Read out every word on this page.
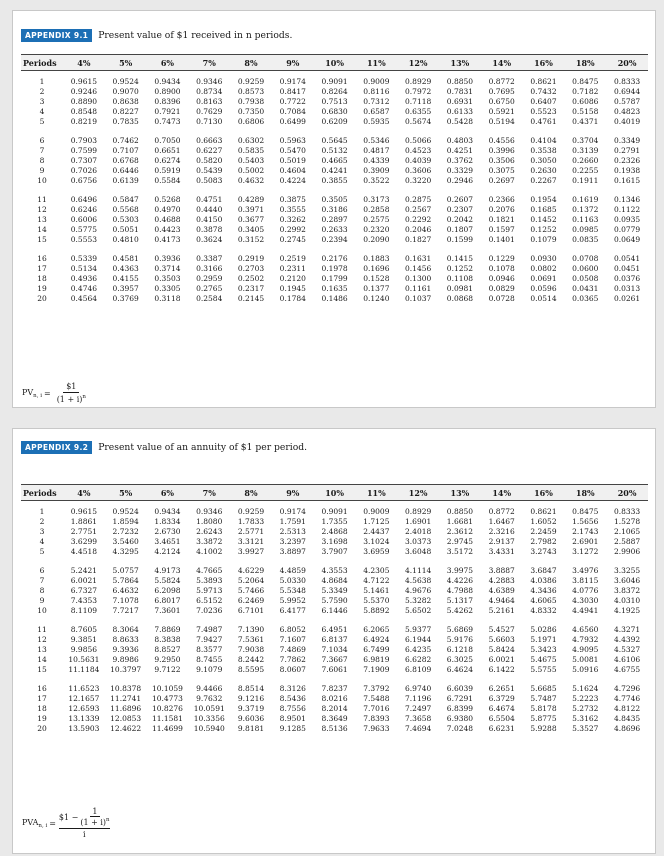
APPENDIX 9.1	Present value of $1 received in n periods.
Periods	4%	5%	6%	7%	8%	9%	10%	11%	12%	13%	14%	16%	18%	20%

1	0.9615	0.9524	0.9434	0.9346	0.9259	0.9174	0.9091	0.9009	0.8929	0.8850	0.8772	0.8621	0.8475	0.8333
2	0.9246	0.9070	0.8900	0.8734	0.8573	0.8417	0.8264	0.8116	0.7972	0.7831	0.7695	0.7432	0.7182	0.6944
3	0.8890	0.8638	0.8396	0.8163	0.7938	0.7722	0.7513	0.7312	0.7118	0.6931	0.6750	0.6407	0.6086	0.5787
4	0.8548	0.8227	0.7921	0.7629	0.7350	0.7084	0.6830	0.6587	0.6355	0.6133	0.5921	0.5523	0.5158	0.4823
5	0.8219	0.7835	0.7473	0.7130	0.6806	0.6499	0.6209	0.5935	0.5674	0.5428	0.5194	0.4761	0.4371	0.4019

6	0.7903	0.7462	0.7050	0.6663	0.6302	0.5963	0.5645	0.5346	0.5066	0.4803	0.4556	0.4104	0.3704	0.3349
7	0.7599	0.7107	0.6651	0.6227	0.5835	0.5470	0.5132	0.4817	0.4523	0.4251	0.3996	0.3538	0.3139	0.2791
8	0.7307	0.6768	0.6274	0.5820	0.5403	0.5019	0.4665	0.4339	0.4039	0.3762	0.3506	0.3050	0.2660	0.2326
9	0.7026	0.6446	0.5919	0.5439	0.5002	0.4604	0.4241	0.3909	0.3606	0.3329	0.3075	0.2630	0.2255	0.1938
10	0.6756	0.6139	0.5584	0.5083	0.4632	0.4224	0.3855	0.3522	0.3220	0.2946	0.2697	0.2267	0.1911	0.1615

11	0.6496	0.5847	0.5268	0.4751	0.4289	0.3875	0.3505	0.3173	0.2875	0.2607	0.2366	0.1954	0.1619	0.1346
12	0.6246	0.5568	0.4970	0.4440	0.3971	0.3555	0.3186	0.2858	0.2567	0.2307	0.2076	0.1685	0.1372	0.1122
13	0.6006	0.5303	0.4688	0.4150	0.3677	0.3262	0.2897	0.2575	0.2292	0.2042	0.1821	0.1452	0.1163	0.0935
14	0.5775	0.5051	0.4423	0.3878	0.3405	0.2992	0.2633	0.2320	0.2046	0.1807	0.1597	0.1252	0.0985	0.0779
15	0.5553	0.4810	0.4173	0.3624	0.3152	0.2745	0.2394	0.2090	0.1827	0.1599	0.1401	0.1079	0.0835	0.0649

16	0.5339	0.4581	0.3936	0.3387	0.2919	0.2519	0.2176	0.1883	0.1631	0.1415	0.1229	0.0930	0.0708	0.0541
17	0.5134	0.4363	0.3714	0.3166	0.2703	0.2311	0.1978	0.1696	0.1456	0.1252	0.1078	0.0802	0.0600	0.0451
18	0.4936	0.4155	0.3503	0.2959	0.2502	0.2120	0.1799	0.1528	0.1300	0.1108	0.0946	0.0691	0.0508	0.0376
19	0.4746	0.3957	0.3305	0.2765	0.2317	0.1945	0.1635	0.1377	0.1161	0.0981	0.0829	0.0596	0.0431	0.0313
20	0.4564	0.3769	0.3118	0.2584	0.2145	0.1784	0.1486	0.1240	0.1037	0.0868	0.0728	0.0514	0.0365	0.0261
$PV_{n, i} = \frac{\$1}{(1 + i)^n}$
APPENDIX 9.2	Present value of an annuity of $1 per period.
Periods	4%	5%	6%	7%	8%	9%	10%	11%	12%	13%	14%	16%	18%	20%

1	0.9615	0.9524	0.9434	0.9346	0.9259	0.9174	0.9091	0.9009	0.8929	0.8850	0.8772	0.8621	0.8475	0.8333
2	1.8861	1.8594	1.8334	1.8080	1.7833	1.7591	1.7355	1.7125	1.6901	1.6681	1.6467	1.6052	1.5656	1.5278
3	2.7751	2.7232	2.6730	2.6243	2.5771	2.5313	2.4868	2.4437	2.4018	2.3612	2.3216	2.2459	2.1743	2.1065
4	3.6299	3.5460	3.4651	3.3872	3.3121	3.2397	3.1698	3.1024	3.0373	2.9745	2.9137	2.7982	2.6901	2.5887
5	4.4518	4.3295	4.2124	4.1002	3.9927	3.8897	3.7907	3.6959	3.6048	3.5172	3.4331	3.2743	3.1272	2.9906

6	5.2421	5.0757	4.9173	4.7665	4.6229	4.4859	4.3553	4.2305	4.1114	3.9975	3.8887	3.6847	3.4976	3.3255
7	6.0021	5.7864	5.5824	5.3893	5.2064	5.0330	4.8684	4.7122	4.5638	4.4226	4.2883	4.0386	3.8115	3.6046
8	6.7327	6.4632	6.2098	5.9713	5.7466	5.5348	5.3349	5.1461	4.9676	4.7988	4.6389	4.3436	4.0776	3.8372
9	7.4353	7.1078	6.8017	6.5152	6.2469	5.9952	5.7590	5.5370	5.3282	5.1317	4.9464	4.6065	4.3030	4.0310
10	8.1109	7.7217	7.3601	7.0236	6.7101	6.4177	6.1446	5.8892	5.6502	5.4262	5.2161	4.8332	4.4941	4.1925

11	8.7605	8.3064	7.8869	7.4987	7.1390	6.8052	6.4951	6.2065	5.9377	5.6869	5.4527	5.0286	4.6560	4.3271
12	9.3851	8.8633	8.3838	7.9427	7.5361	7.1607	6.8137	6.4924	6.1944	5.9176	5.6603	5.1971	4.7932	4.4392
13	9.9856	9.3936	8.8527	8.3577	7.9038	7.4869	7.1034	6.7499	6.4235	6.1218	5.8424	5.3423	4.9095	4.5327
14	10.5631	9.8986	9.2950	8.7455	8.2442	7.7862	7.3667	6.9819	6.6282	6.3025	6.0021	5.4675	5.0081	4.6106
15	11.1184	10.3797	9.7122	9.1079	8.5595	8.0607	7.6061	7.1909	6.8109	6.4624	6.1422	5.5755	5.0916	4.6755

16	11.6523	10.8378	10.1059	9.4466	8.8514	8.3126	7.8237	7.3792	6.9740	6.6039	6.2651	5.6685	5.1624	4.7296
17	12.1657	11.2741	10.4773	9.7632	9.1216	8.5436	8.0216	7.5488	7.1196	6.7291	6.3729	5.7487	5.2223	4.7746
18	12.6593	11.6896	10.8276	10.0591	9.3719	8.7556	8.2014	7.7016	7.2497	6.8399	6.4674	5.8178	5.2732	4.8122
19	13.1339	12.0853	11.1581	10.3356	9.6036	8.9501	8.3649	7.8393	7.3658	6.9380	6.5504	5.8775	5.3162	4.8435
20	13.5903	12.4622	11.4699	10.5940	9.8181	9.1285	8.5136	7.9633	7.4694	7.0248	6.6231	5.9288	5.3527	4.8696
$PVA_{n, i} = \frac{\$1 - \frac{1}{(1 + i)^n}}{i}$
